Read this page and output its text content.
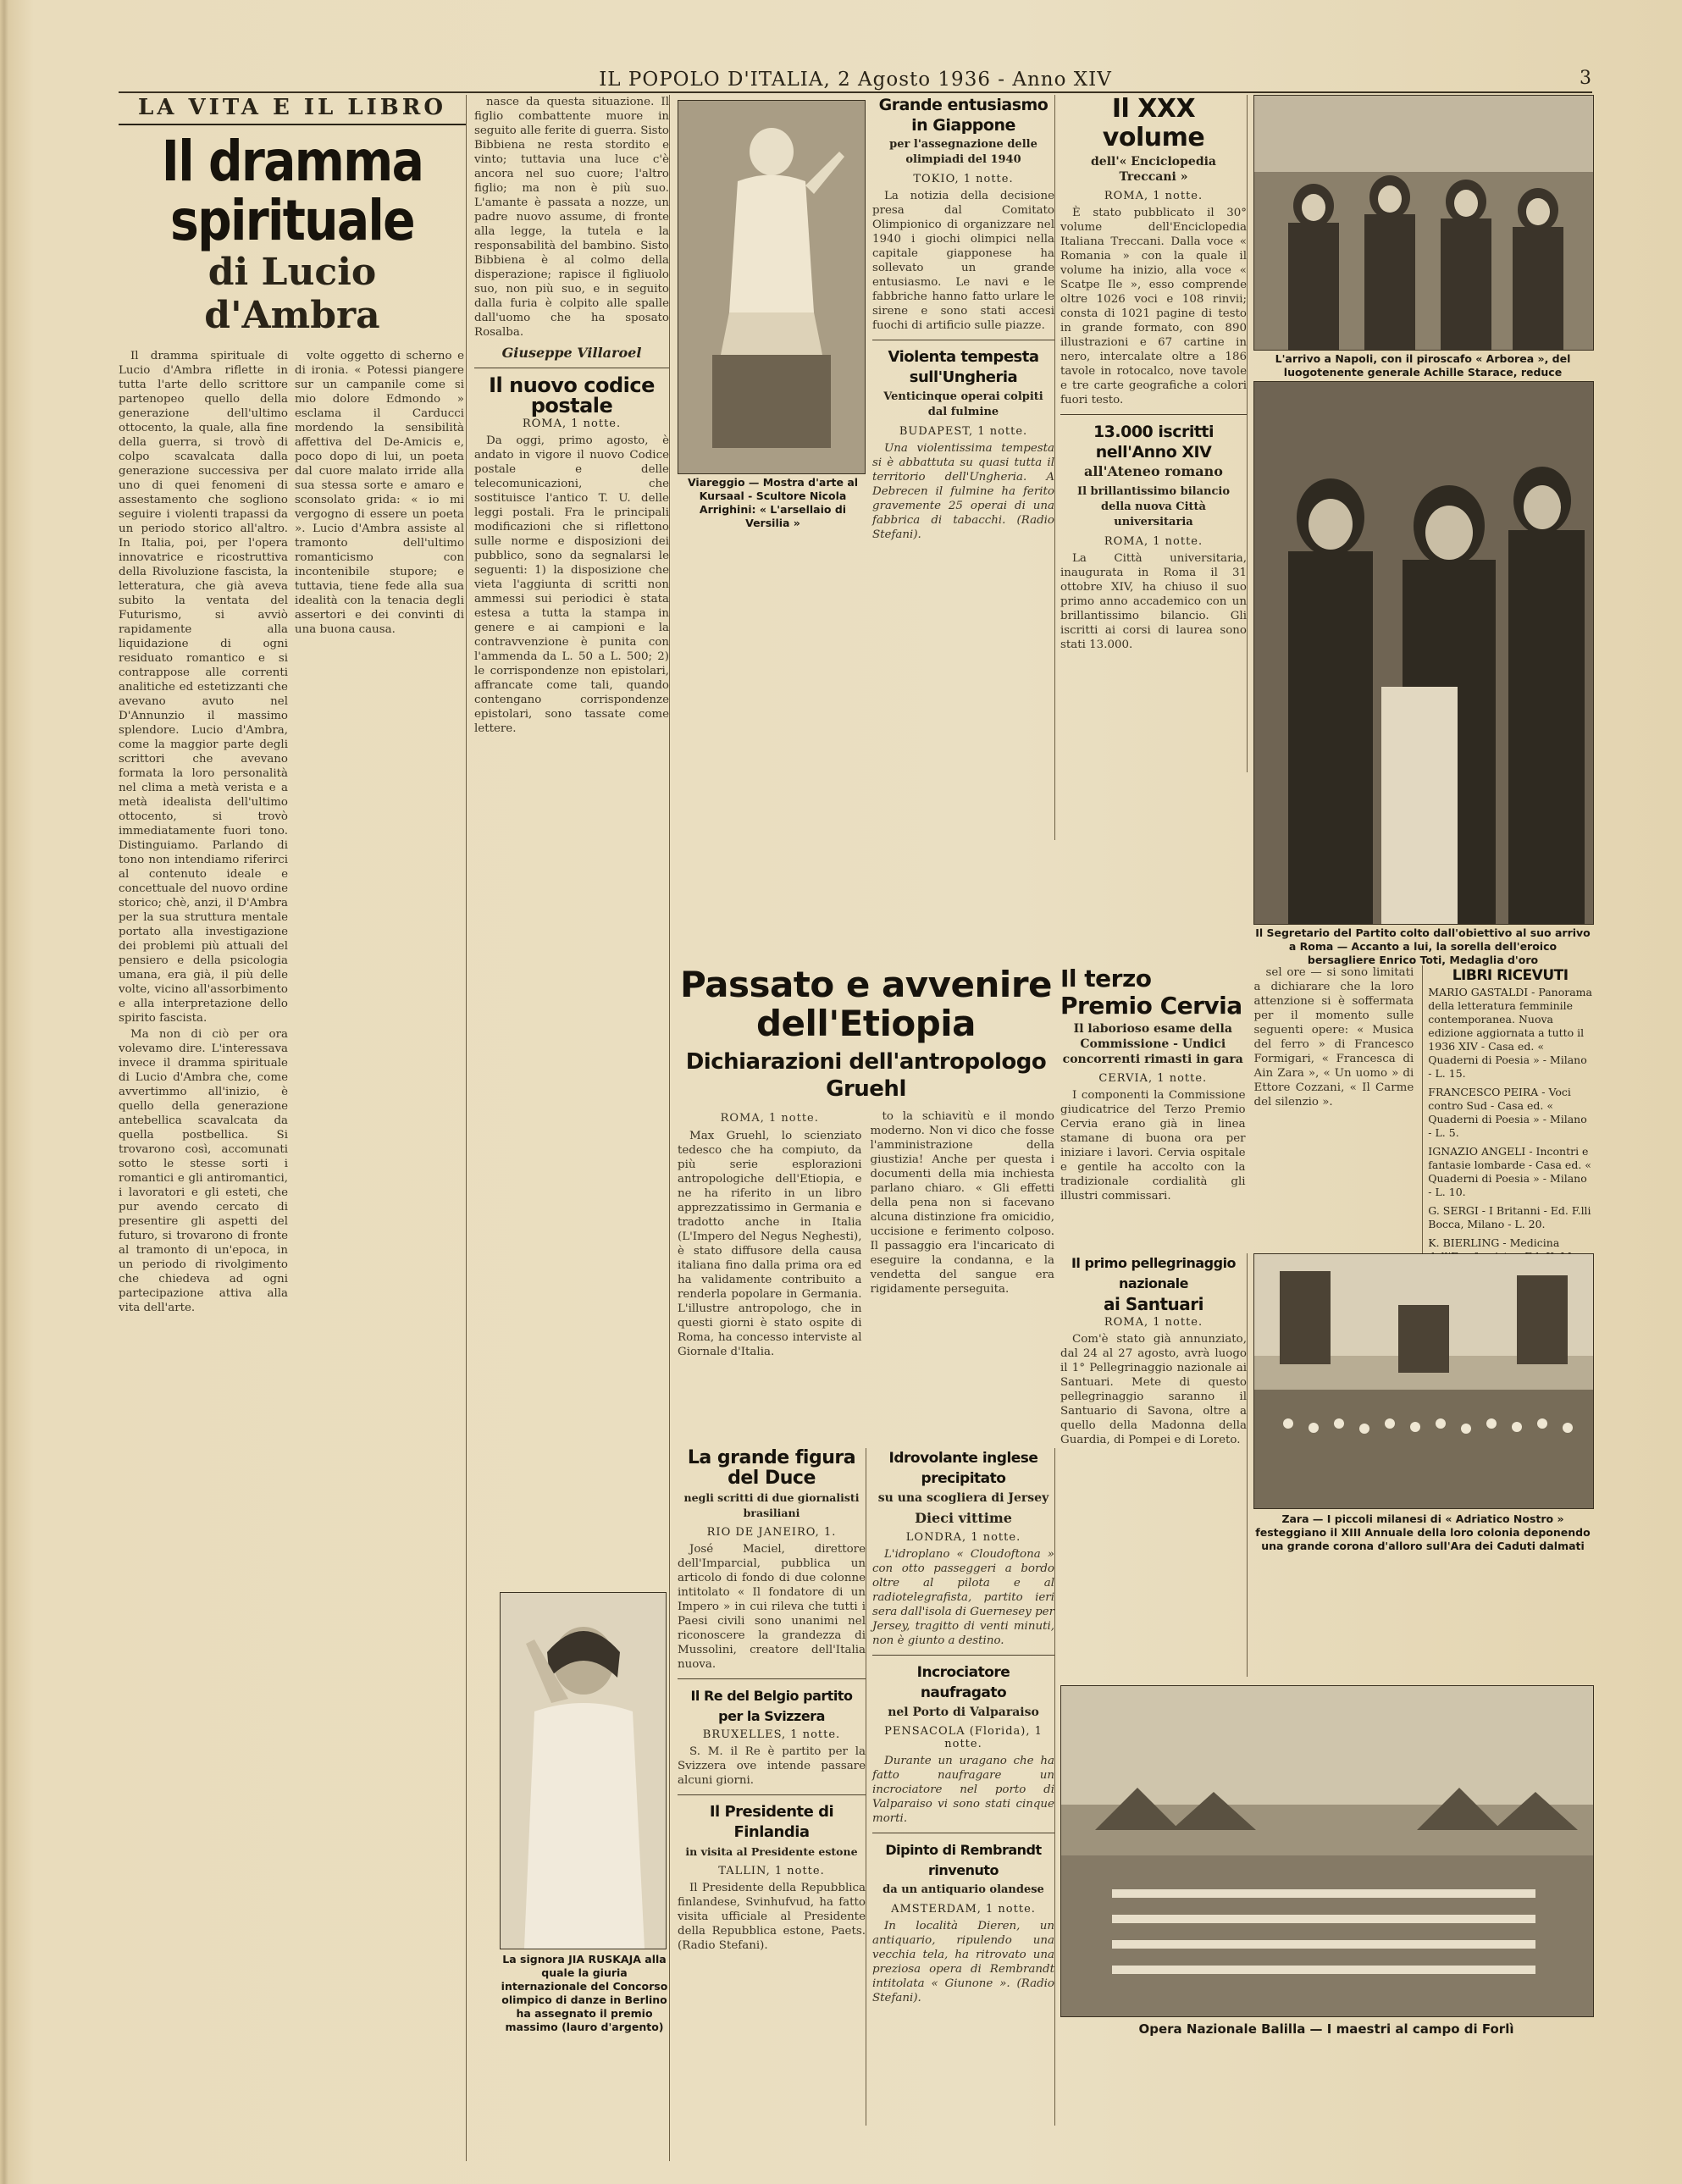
IL POPOLO D'ITALIA, 2 Agosto 1936 - Anno XIV	3
LA VITA E IL LIBRO
Il dramma spirituale
di Lucio d'Ambra

Il dramma spirituale di Lucio d'Ambra riflette in tutta l'arte dello scrittore partenopeo quello della generazione dell'ultimo ottocento, la quale, alla fine della guerra, si trovò di colpo scavalcata dalla generazione successiva per uno di quei fenomeni di assestamento che sogliono seguire i violenti trapassi da un periodo storico all'altro. In Italia, poi, per l'opera innovatrice e ricostruttiva della Rivoluzione fascista, la letteratura, che già aveva subito la ventata del Futurismo, si avviò rapidamente alla liquidazione di ogni residuato romantico e si contrappose alle correnti analitiche ed estetizzanti che avevano avuto nel D'Annunzio il massimo splendore. Lucio d'Ambra, come la maggior parte degli scrittori che avevano formata la loro personalità nel clima a metà verista e a metà idealista dell'ultimo ottocento, si trovò immediatamente fuori tono. Distinguiamo. Parlando di tono non intendiamo riferirci al contenuto ideale e concettuale del nuovo ordine storico; chè, anzi, il D'Ambra per la sua struttura mentale portato alla investigazione dei problemi più attuali del pensiero e della psicologia umana, era già, il più delle volte, vicino all'assorbimento e alla interpretazione dello spirito fascista.

Ma non di ciò per ora volevamo dire. L'interessava invece il dramma spirituale di Lucio d'Ambra che, come avvertimmo all'inizio, è quello della generazione antebellica scavalcata da quella postbellica. Si trovarono così, accomunati sotto le stesse sorti i romantici e gli antiromantici, i lavoratori e gli esteti, che pur avendo cercato di presentire gli aspetti del futuro, si trovarono di fronte al tramonto di un'epoca, in un periodo di rivolgimento che chiedeva ad ogni partecipazione attiva alla vita dell'arte.

volte oggetto di scherno e di ironia. « Potessi piangere sur un campanile come si mio dolore Edmondo » esclama il Carducci mordendo la sensibilità affettiva del De-Amicis e, poco dopo di lui, un poeta dal cuore malato irride alla sua stessa sorte e amaro e sconsolato grida: « io mi vergogno di essere un poeta ». Lucio d'Ambra assiste al tramonto dell'ultimo romanticismo con incontenibile stupore; e tuttavia, tiene fede alla sua idealità con la tenacia degli assertori e dei convinti di una buona causa.

nasce da questa situazione. Il figlio combattente muore in seguito alle ferite di guerra. Sisto Bibbiena ne resta stordito e vinto; tuttavia una luce c'è ancora nel suo cuore; l'altro figlio; ma non è più suo. L'amante è passata a nozze, un padre nuovo assume, di fronte alla legge, la tutela e la responsabilità del bambino. Sisto Bibbiena è al colmo della disperazione; rapisce il figliuolo suo, non più suo, e in seguito dalla furia è colpito alle spalle dall'uomo che ha sposato Rosalba.

Giuseppe Villaroel
Il nuovo codice postale
ROMA, 1 notte.

Da oggi, primo agosto, è andato in vigore il nuovo Codice postale e delle telecomunicazioni, che sostituisce l'antico T. U. delle leggi postali. Fra le principali modificazioni che si riflettono sulle norme e disposizioni dei pubblico, sono da segnalarsi le seguenti: 1) la disposizione che vieta l'aggiunta di scritti non ammessi sui periodici è stata estesa a tutta la stampa in genere e ai campioni e la contravvenzione è punita con l'ammenda da L. 50 a L. 500; 2) le corrispondenze non epistolari, affrancate come tali, quando contengano corrispondenze epistolari, sono tassate come lettere.

Viareggio — Mostra d'arte al Kursaal - Scultore Nicola Arrighini: « L'arsellaio di Versilia »
La signora JIA RUSKAJA alla quale la giuria internazionale del Concorso olimpico di danze in Berlino ha assegnato il premio massimo (lauro d'argento)
Grande entusiasmo in Giappone
per l'assegnazione delle olimpiadi del 1940
TOKIO, 1 notte.

La notizia della decisione presa dal Comitato Olimpionico di organizzare nel 1940 i giochi olimpici nella capitale giapponese ha sollevato un grande entusiasmo. Le navi e le fabbriche hanno fatto urlare le sirene e sono stati accesi fuochi di artificio sulle piazze.

Violenta tempesta sull'Ungheria
Venticinque operai colpiti dal fulmine
BUDAPEST, 1 notte.

Una violentissima tempesta si è abbattuta su quasi tutta il territorio dell'Ungheria. A Debrecen il fulmine ha ferito gravemente 25 operai di una fabbrica di tabacchi. (Radio Stefani).

Passato e avvenire dell'Etiopia
Dichiarazioni dell'antropologo Gruehl
ROMA, 1 notte.

Max Gruehl, lo scienziato tedesco che ha compiuto, da più serie esplorazioni antropologiche dell'Etiopia, e ne ha riferito in un libro apprezzatissimo in Germania e tradotto anche in Italia (L'Impero del Negus Neghesti), è stato diffusore della causa italiana fino dalla prima ora ed ha validamente contribuito a renderla popolare in Germania. L'illustre antropologo, che in questi giorni è stato ospite di Roma, ha concesso interviste al Giornale d'Italia.

to la schiavitù e il mondo moderno. Non vi dico che fosse l'amministrazione della giustizia! Anche per questa i documenti della mia inchiesta parlano chiaro. « Gli effetti della pena non si facevano alcuna distinzione fra omicidio, uccisione e ferimento colposo. Il passaggio era l'incaricato di eseguire la condanna, e la vendetta del sangue era rigidamente perseguita.

La grande figura del Duce
negli scritti di due giornalisti brasiliani
RIO DE JANEIRO, 1.

José Maciel, direttore dell'Imparcial, pubblica un articolo di fondo di due colonne intitolato « Il fondatore di un Impero » in cui rileva che tutti i Paesi civili sono unanimi nel riconoscere la grandezza di Mussolini, creatore dell'Italia nuova.

Il Re del Belgio partito per la Svizzera
BRUXELLES, 1 notte.

S. M. il Re è partito per la Svizzera ove intende passare alcuni giorni.

Il Presidente di Finlandia
in visita al Presidente estone
TALLIN, 1 notte.

Il Presidente della Repubblica finlandese, Svinhufvud, ha fatto visita ufficiale al Presidente della Repubblica estone, Paets. (Radio Stefani).

Idrovolante inglese precipitato
su una scogliera di Jersey
Dieci vittime
LONDRA, 1 notte.

L'idroplano « Cloudoftona » con otto passeggeri a bordo oltre al pilota e al radiotelegrafista, partito ieri sera dall'isola di Guernesey per Jersey, tragitto di venti minuti, non è giunto a destino.

Incrociatore naufragato
nel Porto di Valparaiso
PENSACOLA (Florida), 1 notte.

Durante un uragano che ha fatto naufragare un incrociatore nel porto di Valparaiso vi sono stati cinque morti.

Dipinto di Rembrandt rinvenuto
da un antiquario olandese
AMSTERDAM, 1 notte.

In località Dieren, un antiquario, ripulendo una vecchia tela, ha ritrovato una preziosa opera di Rembrandt intitolata « Giunone ». (Radio Stefani).

Il XXX volume
dell'« Enciclopedia Treccani »
ROMA, 1 notte.

È stato pubblicato il 30° volume dell'Enciclopedia Italiana Treccani. Dalla voce « Romania » con la quale il volume ha inizio, alla voce « Scatpe Ile », esso comprende oltre 1026 voci e 108 rinvii; consta di 1021 pagine di testo in grande formato, con 890 illustrazioni e 67 cartine in nero, intercalate oltre a 186 tavole in rotocalco, nove tavole e tre carte geografiche a colori fuori testo.

13.000 iscritti nell'Anno XIV
all'Ateneo romano
Il brillantissimo bilancio della nuova Città universitaria
ROMA, 1 notte.

La Città universitaria, inaugurata in Roma il 31 ottobre XIV, ha chiuso il suo primo anno accademico con un brillantissimo bilancio. Gli iscritti ai corsi di laurea sono stati 13.000.

L'arrivo a Napoli, con il piroscafo « Arborea », del luogotenente generale Achille Starace, reduce
Il Segretario del Partito colto dall'obiettivo al suo arrivo a Roma — Accanto a lui, la sorella dell'eroico bersagliere Enrico Toti, Medaglia d'oro
Il terzo Premio Cervia
Il laborioso esame della Commissione - Undici concorrenti rimasti in gara
CERVIA, 1 notte.

I componenti la Commissione giudicatrice del Terzo Premio Cervia erano già in linea stamane di buona ora per iniziare i lavori. Cervia ospitale e gentile ha accolto con la tradizionale cordialità gli illustri commissari.

sel ore — si sono limitati a dichiarare che la loro attenzione si è soffermata per il momento sulle seguenti opere: « Musica del ferro » di Francesco Formigari, « Francesca di Ain Zara », « Un uomo » di Ettore Cozzani, « Il Carme del silenzio ».

LIBRI RICEVUTI

MARIO GASTALDI - Panorama della letteratura femminile contemporanea. Nuova edizione aggiornata a tutto il 1936 XIV - Casa ed. « Quaderni di Poesia » - Milano - L. 15.

FRANCESCO PEIRA - Voci contro Sud - Casa ed. « Quaderni di Poesia » - Milano - L. 5.

IGNAZIO ANGELI - Incontri e fantasie lombarde - Casa ed. « Quaderni di Poesia » - Milano - L. 10.

G. SERGI - I Britanni - Ed. F.lli Bocca, Milano - L. 20.

K. BIERLING - Medicina

Il primo pellegrinaggio nazionale
ai Santuari
ROMA, 1 notte.

Com'è stato già annunziato, dal 24 al 27 agosto, avrà luogo il 1° Pellegrinaggio nazionale ai Santuari. Mete di questo pellegrinaggio saranno il Santuario di Savona, oltre a quello della Madonna della Guardia, di Pompei e di Loreto.

Zara — I piccoli milanesi di « Adriatico Nostro » festeggiano il XIII Annuale della loro colonia deponendo una grande corona d'alloro sull'Ara dei Caduti dalmati
Opera Nazionale Balilla — I maestri al campo di Forlì
